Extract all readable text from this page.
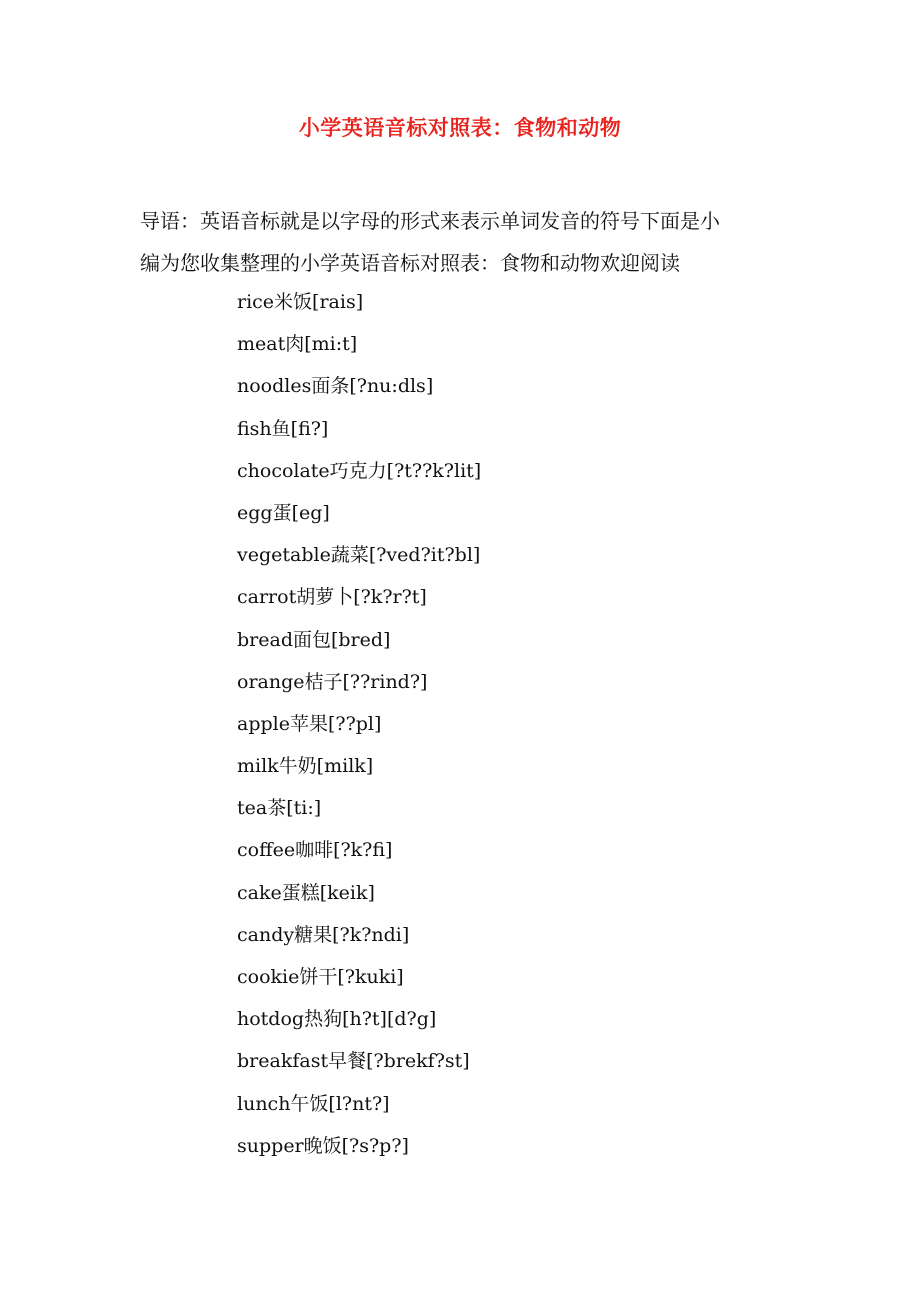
小学英语音标对照表：食物和动物

导语：英语音标就是以字母的形式来表示单词发音的符号下面是小

编为您收集整理的小学英语音标对照表：食物和动物欢迎阅读

rice米饭[rais]
meat肉[mi:t]
noodles面条[?nu:dls]
fish鱼[fi?]
chocolate巧克力[?t??k?lit]
egg蛋[eg]
vegetable蔬菜[?ved?it?bl]
carrot胡萝卜[?k?r?t]
bread面包[bred]
orange桔子[??rind?]
apple苹果[??pl]
milk牛奶[milk]
tea茶[ti:]
coffee咖啡[?k?fi]
cake蛋糕[keik]
candy糖果[?k?ndi]
cookie饼干[?kuki]
hotdog热狗[h?t][d?g]
breakfast早餐[?brekf?st]
lunch午饭[l?nt?]
supper晚饭[?s?p?]
